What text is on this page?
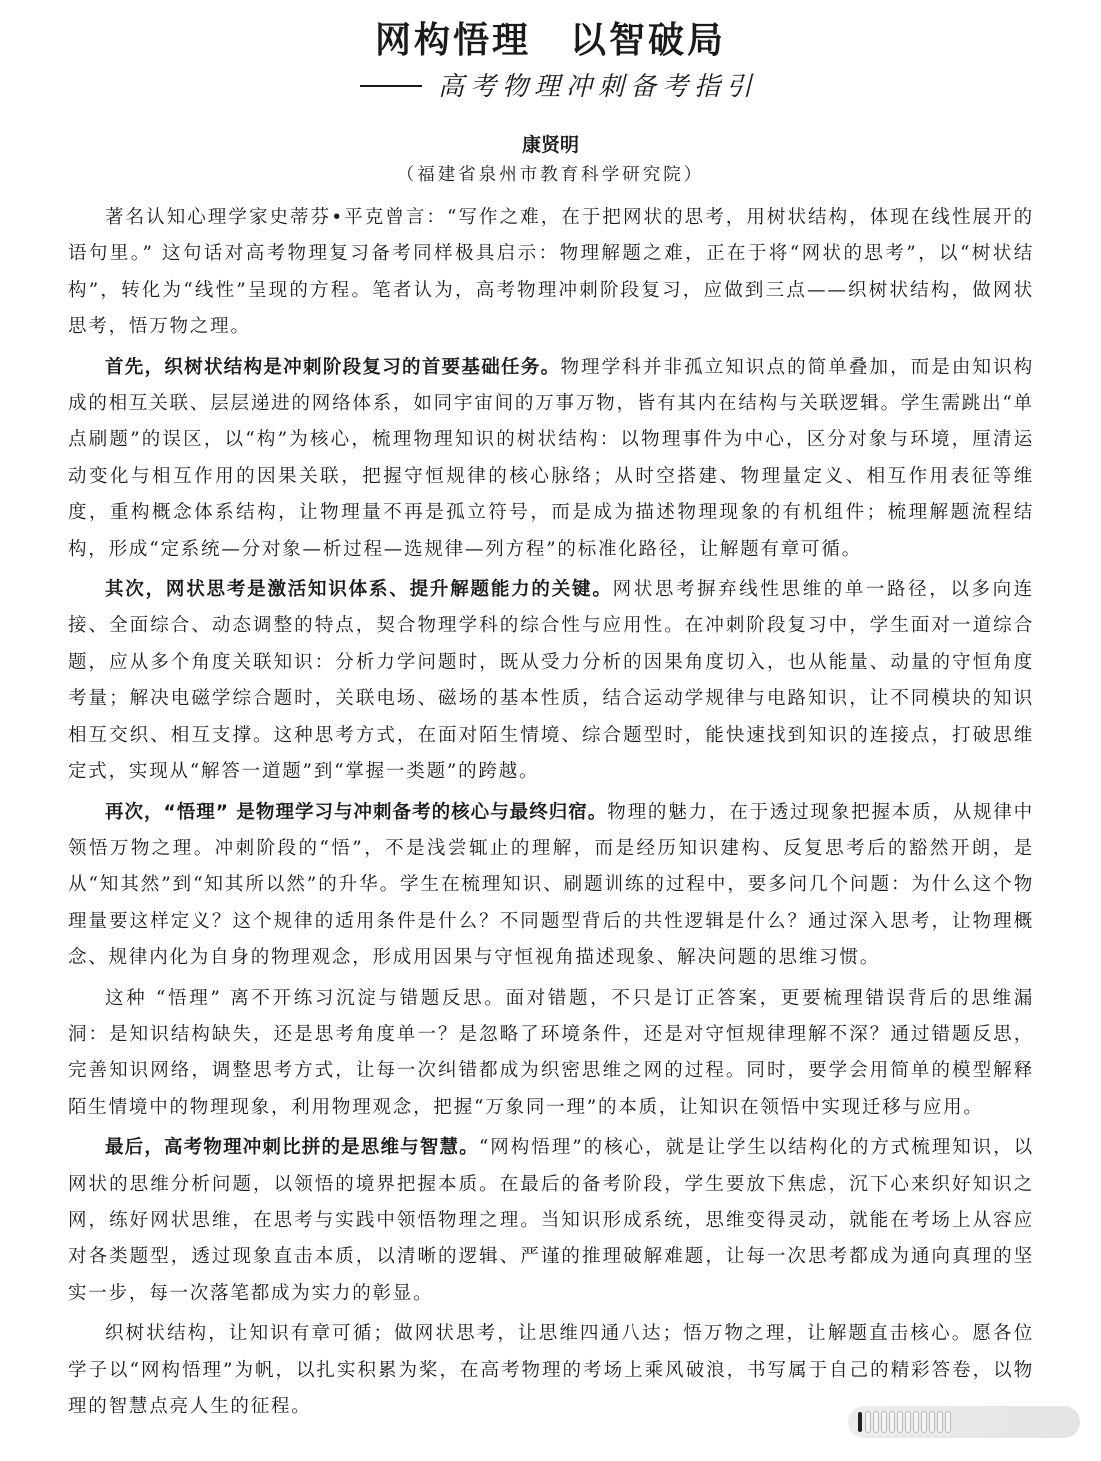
网构悟理　以智破局
高考物理冲刺备考指引
康贤明
（福建省泉州市教育科学研究院）

著名认知心理学家史蒂芬•平克曾言：“写作之难，在于把网状的思考，用树状结构，体现在线性展开的语句里。” 这句话对高考物理复习备考同样极具启示：物理解题之难，正在于将“网状的思考”，以“树状结构”，转化为“线性”呈现的方程。笔者认为，高考物理冲刺阶段复习，应做到三点——织树状结构，做网状思考，悟万物之理。

首先，织树状结构是冲刺阶段复习的首要基础任务。物理学科并非孤立知识点的简单叠加，而是由知识构成的相互关联、层层递进的网络体系，如同宇宙间的万事万物，皆有其内在结构与关联逻辑。学生需跳出“单点刷题”的误区，以“构”为核心，梳理物理知识的树状结构：以物理事件为中心，区分对象与环境，厘清运动变化与相互作用的因果关联，把握守恒规律的核心脉络；从时空搭建、物理量定义、相互作用表征等维度，重构概念体系结构，让物理量不再是孤立符号，而是成为描述物理现象的有机组件；梳理解题流程结构，形成“定系统—分对象—析过程—选规律—列方程”的标准化路径，让解题有章可循。

其次，网状思考是激活知识体系、提升解题能力的关键。网状思考摒弃线性思维的单一路径，以多向连接、全面综合、动态调整的特点，契合物理学科的综合性与应用性。在冲刺阶段复习中，学生面对一道综合题，应从多个角度关联知识：分析力学问题时，既从受力分析的因果角度切入，也从能量、动量的守恒角度考量；解决电磁学综合题时，关联电场、磁场的基本性质，结合运动学规律与电路知识，让不同模块的知识相互交织、相互支撑。这种思考方式，在面对陌生情境、综合题型时，能快速找到知识的连接点，打破思维定式，实现从“解答一道题”到“掌握一类题”的跨越。

再次，“悟理” 是物理学习与冲刺备考的核心与最终归宿。物理的魅力，在于透过现象把握本质，从规律中领悟万物之理。冲刺阶段的“悟”，不是浅尝辄止的理解，而是经历知识建构、反复思考后的豁然开朗，是从“知其然”到“知其所以然”的升华。学生在梳理知识、刷题训练的过程中，要多问几个问题：为什么这个物理量要这样定义？这个规律的适用条件是什么？不同题型背后的共性逻辑是什么？通过深入思考，让物理概念、规律内化为自身的物理观念，形成用因果与守恒视角描述现象、解决问题的思维习惯。

这种 “悟理” 离不开练习沉淀与错题反思。面对错题，不只是订正答案，更要梳理错误背后的思维漏洞：是知识结构缺失，还是思考角度单一？是忽略了环境条件，还是对守恒规律理解不深？通过错题反思，完善知识网络，调整思考方式，让每一次纠错都成为织密思维之网的过程。同时，要学会用简单的模型解释陌生情境中的物理现象，利用物理观念，把握“万象同一理”的本质，让知识在领悟中实现迁移与应用。

最后，高考物理冲刺比拼的是思维与智慧。“网构悟理”的核心，就是让学生以结构化的方式梳理知识，以网状的思维分析问题，以领悟的境界把握本质。在最后的备考阶段，学生要放下焦虑，沉下心来织好知识之网，练好网状思维，在思考与实践中领悟物理之理。当知识形成系统，思维变得灵动，就能在考场上从容应对各类题型，透过现象直击本质，以清晰的逻辑、严谨的推理破解难题，让每一次思考都成为通向真理的坚实一步，每一次落笔都成为实力的彰显。

织树状结构，让知识有章可循；做网状思考，让思维四通八达；悟万物之理，让解题直击核心。愿各位学子以“网构悟理”为帆，以扎实积累为桨，在高考物理的考场上乘风破浪，书写属于自己的精彩答卷，以物理的智慧点亮人生的征程。
